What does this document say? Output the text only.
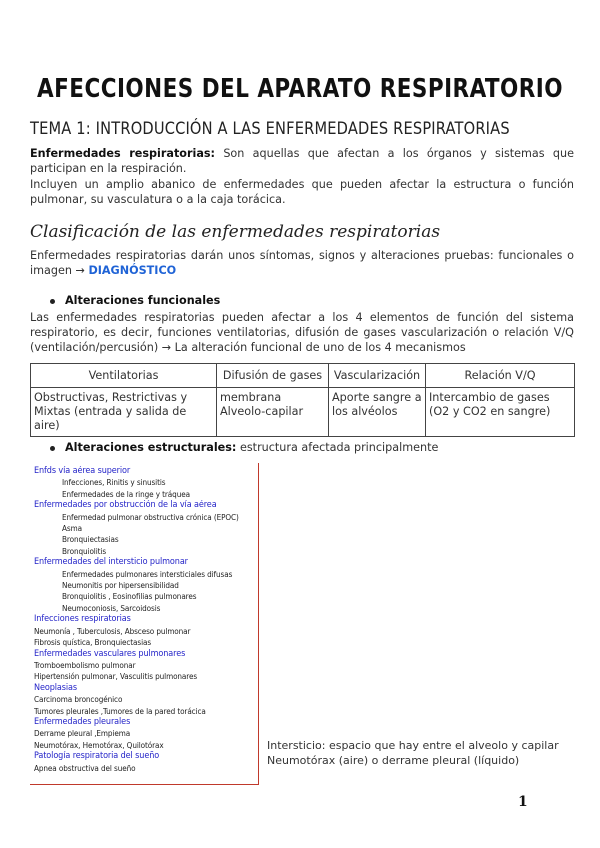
AFECCIONES DEL APARATO RESPIRATORIO
TEMA 1: INTRODUCCIÓN A LAS ENFERMEDADES RESPIRATORIAS
Enfermedades respiratorias: Son aquellas que afectan a los órganos y sistemas que participan en la respiración.
Incluyen un amplio abanico de enfermedades que pueden afectar la estructura o función pulmonar, su vasculatura o a la caja torácica.
Clasificación de las enfermedades respiratorias
Enfermedades respiratorias darán unos síntomas, signos y alteraciones pruebas: funcionales o imagen → DIAGNÓSTICO
Alteraciones funcionales
Las enfermedades respiratorias pueden afectar a los 4 elementos de función del sistema respiratorio, es decir, funciones ventilatorias, difusión de gases vascularización o relación V/Q (ventilación/percusión) → La alteración funcional de uno de los 4 mecanismos
Ventilatorias	Difusión de gases	Vascularización	Relación V/Q
Obstructivas, Restrictivas y Mixtas (entrada y salida de aire)	membrana Alveolo-capilar	Aporte sangre a los alvéolos	Intercambio de gases (O2 y CO2 en sangre)
Alteraciones estructurales: estructura afectada principalmente
Enfds vía aérea superior
Infecciones, Rinitis y sinusitis
Enfermedades de la ringe y tráquea
Enfermedades por obstrucción de la vía aérea
Enfermedad pulmonar obstructiva crónica (EPOC)
Asma
Bronquiectasias
Bronquiolitis
Enfermedades del intersticio pulmonar
Enfermedades pulmonares intersticiales difusas
Neumonitis por hipersensibilidad
Bronquiolitis , Eosinofilias pulmonares
Neumoconiosis, Sarcoidosis
Infecciones respiratorias
Neumonía , Tuberculosis, Absceso pulmonar
Fibrosis quística, Bronquiectasias
Enfermedades vasculares pulmonares
Tromboembolismo pulmonar
Hipertensión pulmonar, Vasculitis pulmonares
Neoplasias
Carcinoma broncogénico
Tumores pleurales ,Tumores de la pared torácica
Enfermedades pleurales
Derrame pleural ,Empiema
Neumotórax, Hemotórax, Quilotórax
Patología respiratoria del sueño
Apnea obstructiva del sueño
Intersticio: espacio que hay entre el alveolo y capilar
Neumotórax (aire) o derrame pleural (líquido)
1
